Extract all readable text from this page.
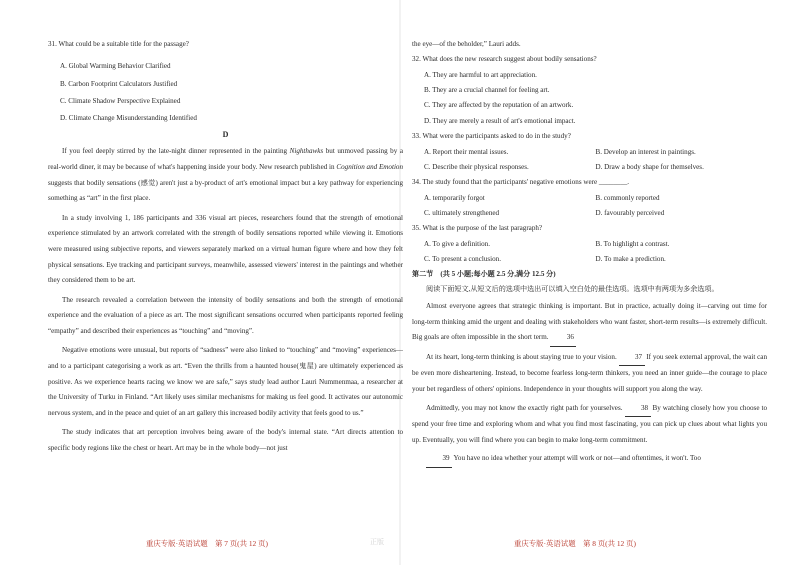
31. What could be a suitable title for the passage?

A. Global Warming Behavior Clarified

B. Carbon Footprint Calculators Justified

C. Climate Shadow Perspective Explained

D. Climate Change Misunderstanding Identified

D

If you feel deeply stirred by the late-night dinner represented in the painting Nighthawks but unmoved passing by a real-world diner, it may be because of what's happening inside your body. New research published in Cognition and Emotion suggests that bodily sensations (感觉) aren't just a by-product of art's emotional impact but a key pathway for experiencing something as “art” in the first place.

In a study involving 1, 186 participants and 336 visual art pieces, researchers found that the strength of emotional experience stimulated by an artwork correlated with the strength of bodily sensations reported while viewing it. Emotions were measured using subjective reports, and viewers separately marked on a virtual human figure where and how they felt physical sensations. Eye tracking and participant surveys, meanwhile, assessed viewers' interest in the paintings and whether they considered them to be art.

The research revealed a correlation between the intensity of bodily sensations and both the strength of emotional experience and the evaluation of a piece as art. The most significant sensations occurred when participants reported feeling “empathy” and described their experiences as “touching” and “moving”.

Negative emotions were unusual, but reports of “sadness” were also linked to “touching” and “moving” experiences—and to a participant categorising a work as art. “Even the thrills from a haunted house(鬼屋) are ultimately experienced as positive. As we experience hearts racing we know we are safe,” says study lead author Lauri Nummenmaa, a researcher at the University of Turku in Finland. “Art likely uses similar mechanisms for making us feel good. It activates our autonomic nervous system, and in the peace and quiet of an art gallery this increased bodily activity that feels good to us.”

The study indicates that art perception involves being aware of the body's internal state. “Art directs attention to specific body regions like the chest or heart. Art may be in the whole body—not just

the eye—of the beholder,” Lauri adds.

32. What does the new research suggest about bodily sensations?

A. They are harmful to art appreciation.

B. They are a crucial channel for feeling art.

C. They are affected by the reputation of an artwork.

D. They are merely a result of art's emotional impact.

33. What were the participants asked to do in the study?

A. Report their mental issues.	B. Develop an interest in paintings.
C. Describe their physical responses.	D. Draw a body shape for themselves.

34. The study found that the participants' negative emotions were ________.

A. temporarily forgot	B. commonly reported
C. ultimately strengthened	D. favourably perceived

35. What is the purpose of the last paragraph?

A. To give a definition.	B. To highlight a contrast.
C. To present a conclusion.	D. To make a prediction.

第二节　(共 5 小题;每小题 2.5 分,满分 12.5 分)

阅读下面短文,从短文后的选项中选出可以填入空白处的最佳选项。选项中有两项为多余选项。

Almost everyone agrees that strategic thinking is important. But in practice, actually doing it—carving out time for long-term thinking amid the urgent and dealing with stakeholders who want faster, short-term results—is extremely difficult. Big goals are often impossible in the short term.	36

At its heart, long-term thinking is about staying true to your vision.	37 If you seek external approval, the wait can be even more disheartening. Instead, to become fearless long-term thinkers, you need an inner guide—the courage to place your bet regardless of others' opinions. Independence in your thoughts will support you along the way.

Admittedly, you may not know the exactly right path for yourselves.	38 By watching closely how you choose to spend your free time and exploring whom and what you find most fascinating, you can pick up clues about what lights you up. Eventually, you will find where you can begin to make long-term commitment.

39 You have no idea whether your attempt will work or not—and oftentimes, it won't. Too

重庆专版·英语试题　第 7 页(共 12 页)	正版	重庆专版·英语试题　第 8 页(共 12 页)
